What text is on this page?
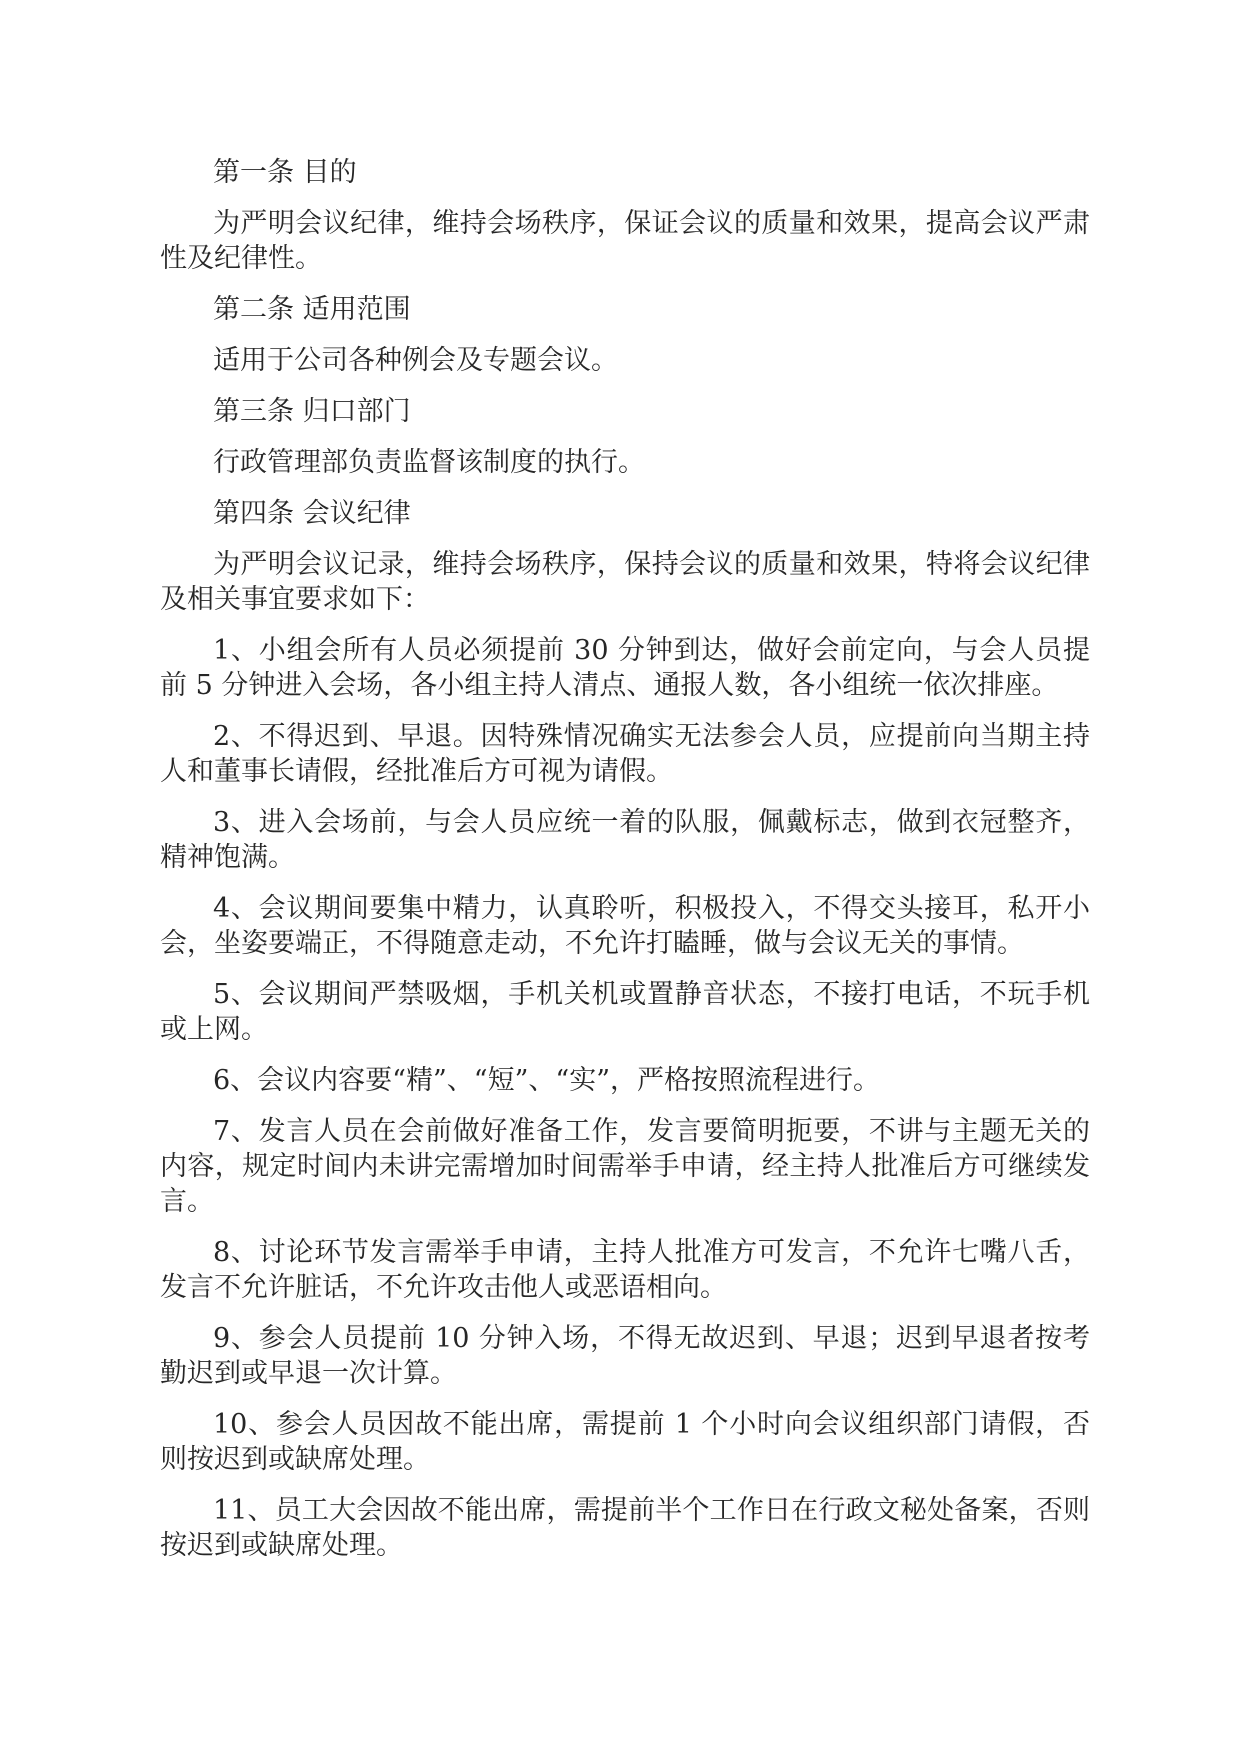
第一条 目的

为严明会议纪律，维持会场秩序，保证会议的质量和效果，提高会议严肃性及纪律性。

第二条 适用范围

适用于公司各种例会及专题会议。

第三条 归口部门

行政管理部负责监督该制度的执行。

第四条 会议纪律

为严明会议记录，维持会场秩序，保持会议的质量和效果，特将会议纪律及相关事宜要求如下：

1、小组会所有人员必须提前 30 分钟到达，做好会前定向，与会人员提前 5 分钟进入会场，各小组主持人清点、通报人数，各小组统一依次排座。

2、不得迟到、早退。因特殊情况确实无法参会人员，应提前向当期主持人和董事长请假，经批准后方可视为请假。

3、进入会场前，与会人员应统一着的队服，佩戴标志，做到衣冠整齐，精神饱满。

4、会议期间要集中精力，认真聆听，积极投入，不得交头接耳，私开小会，坐姿要端正，不得随意走动，不允许打瞌睡，做与会议无关的事情。

5、会议期间严禁吸烟，手机关机或置静音状态，不接打电话，不玩手机或上网。

6、会议内容要“精”、“短”、“实”，严格按照流程进行。

7、发言人员在会前做好准备工作，发言要简明扼要，不讲与主题无关的内容，规定时间内未讲完需增加时间需举手申请，经主持人批准后方可继续发言。

8、讨论环节发言需举手申请，主持人批准方可发言，不允许七嘴八舌，发言不允许脏话，不允许攻击他人或恶语相向。

9、参会人员提前 10 分钟入场，不得无故迟到、早退；迟到早退者按考勤迟到或早退一次计算。

10、参会人员因故不能出席，需提前 1 个小时向会议组织部门请假，否则按迟到或缺席处理。

11、员工大会因故不能出席，需提前半个工作日在行政文秘处备案，否则按迟到或缺席处理。
